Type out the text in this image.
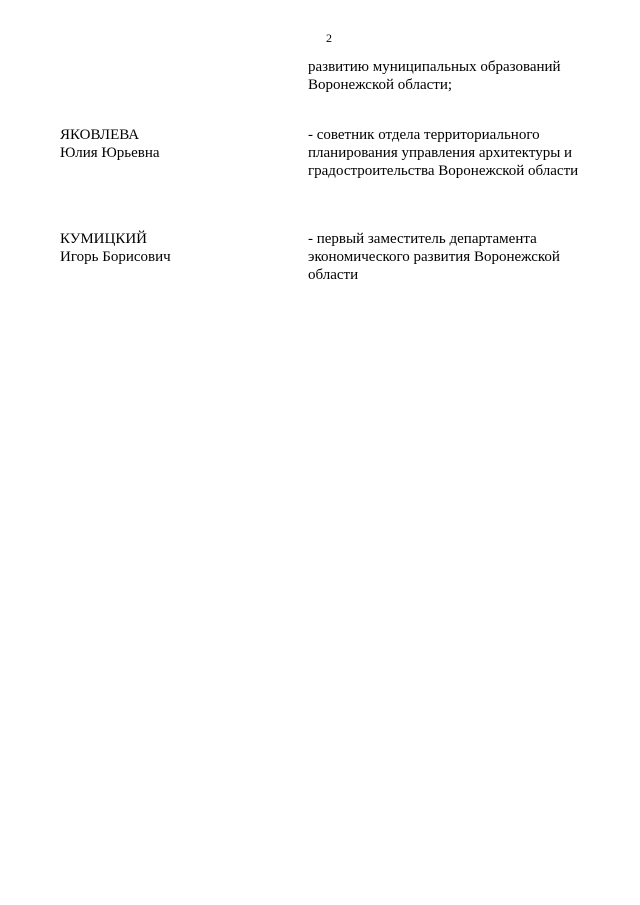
2
развитию муниципальных образований
Воронежской области;
ЯКОВЛЕВА
Юлия Юрьевна
- советник отдела территориального
планирования управления архитектуры и
градостроительства Воронежской области
КУМИЦКИЙ
Игорь Борисович
- первый заместитель департамента
экономического развития Воронежской
области
